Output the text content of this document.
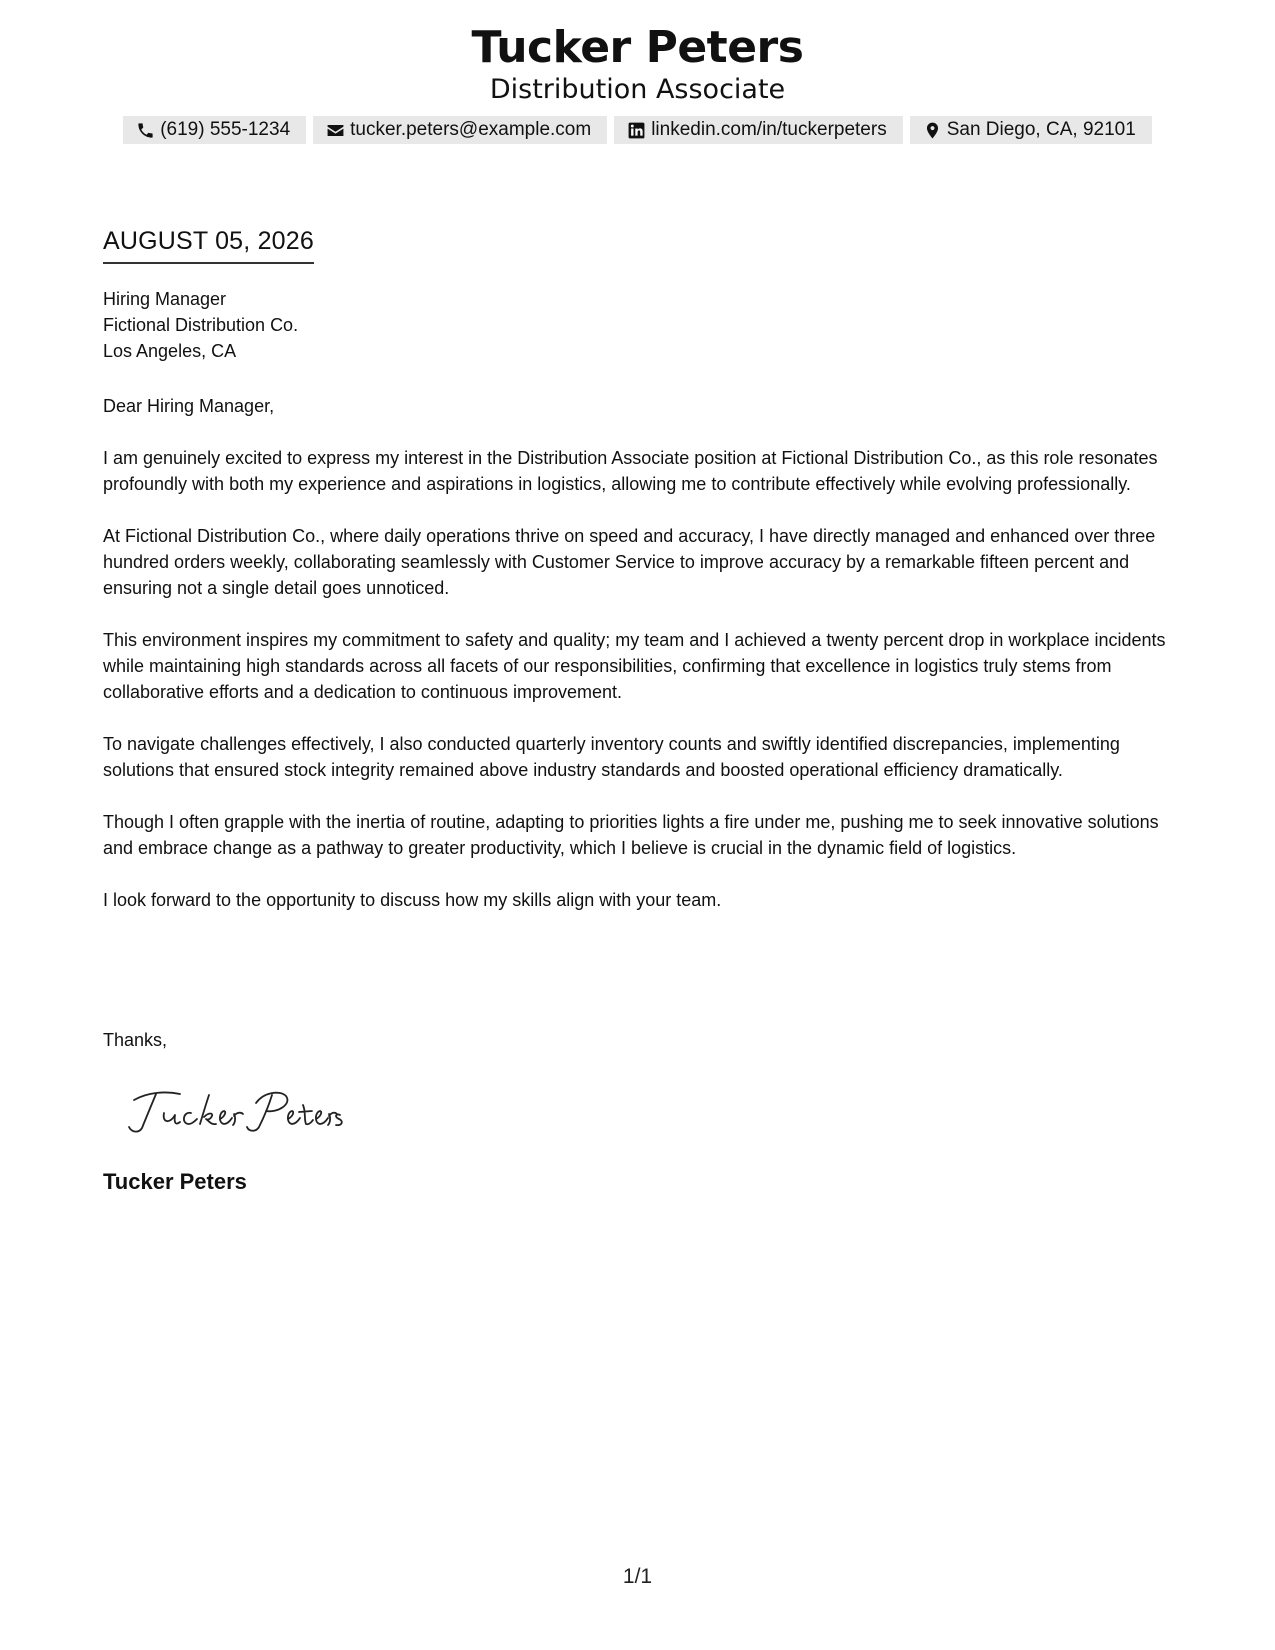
Tucker Peters
Distribution Associate
(619) 555-1234	tucker.peters@example.com	linkedin.com/in/tuckerpeters	San Diego, CA, 92101
AUGUST 05, 2026
Hiring Manager
Fictional Distribution Co.
Los Angeles, CA

Dear Hiring Manager,

I am genuinely excited to express my interest in the Distribution Associate position at Fictional Distribution Co., as this role resonates profoundly with both my experience and aspirations in logistics, allowing me to contribute effectively while evolving professionally.

At Fictional Distribution Co., where daily operations thrive on speed and accuracy, I have directly managed and enhanced over three hundred orders weekly, collaborating seamlessly with Customer Service to improve accuracy by a remarkable fifteen percent and ensuring not a single detail goes unnoticed.

This environment inspires my commitment to safety and quality; my team and I achieved a twenty percent drop in workplace incidents while maintaining high standards across all facets of our responsibilities, confirming that excellence in logistics truly stems from collaborative efforts and a dedication to continuous improvement.

To navigate challenges effectively, I also conducted quarterly inventory counts and swiftly identified discrepancies, implementing solutions that ensured stock integrity remained above industry standards and boosted operational efficiency dramatically.

Though I often grapple with the inertia of routine, adapting to priorities lights a fire under me, pushing me to seek innovative solutions and embrace change as a pathway to greater productivity, which I believe is crucial in the dynamic field of logistics.

I look forward to the opportunity to discuss how my skills align with your team.

Thanks,
Tucker Peters
1/1
